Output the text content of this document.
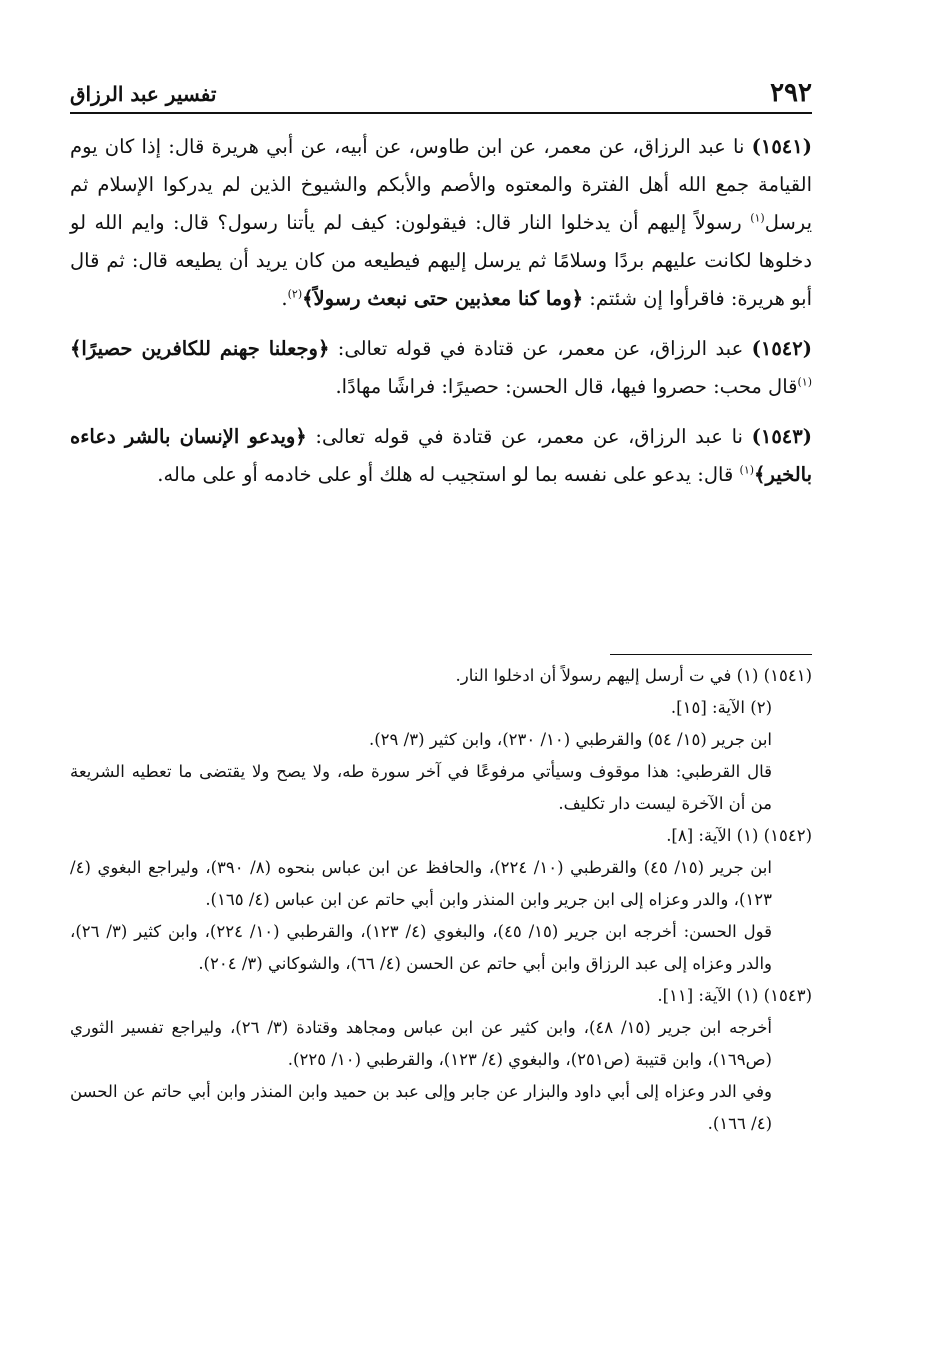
٢٩٢
تفسير عبد الرزاق

(١٥٤١) نا عبد الرزاق، عن معمر، عن ابن طاوس، عن أبيه، عن أبي هريرة قال: إذا كان يوم القيامة جمع الله أهل الفترة والمعتوه والأصم والأبكم والشيوخ الذين لم يدركوا الإسلام ثم يرسل$^{(١)}$ رسولاً إليهم أن يدخلوا النار قال: فيقولون: كيف لم يأتنا رسول؟ قال: وايم الله لو دخلوها لكانت عليهم بردًا وسلامًا ثم يرسل إليهم فيطيعه من كان يريد أن يطيعه قال: ثم قال أبو هريرة: فاقرأوا إن شئتم: ﴿وما كنا معذبين حتى نبعث رسولاً﴾$^{(٢)}$.

(١٥٤٢) عبد الرزاق، عن معمر، عن قتادة في قوله تعالى: ﴿وجعلنا جهنم للكافرين حصيرًا﴾$^{(١)}$قال محب: حصروا فيها، قال الحسن: حصيرًا: فراشًا مهادًا.

(١٥٤٣) نا عبد الرزاق، عن معمر، عن قتادة في قوله تعالى: ﴿ويدعو الإنسان بالشر دعاءه بالخير﴾$^{(١)}$ قال: يدعو على نفسه بما لو استجيب له هلك أو على خادمه أو على ماله.

(١٥٤١) (١) في ت أرسل إليهم رسولاً أن ادخلوا النار.

(٢) الآية: [١٥].

ابن جرير (١٥/ ٥٤) والقرطبي (١٠/ ٢٣٠)، وابن كثير (٣/ ٢٩).

قال القرطبي: هذا موقوف وسيأتي مرفوعًا في آخر سورة طه، ولا يصح ولا يقتضى ما تعطيه الشريعة من أن الآخرة ليست دار تكليف.

(١٥٤٢) (١) الآية: [٨].

ابن جرير (١٥/ ٤٥) والقرطبي (١٠/ ٢٢٤)، والحافظ عن ابن عباس بنحوه (٨/ ٣٩٠)، وليراجع البغوي (٤/ ١٢٣)، والدر وعزاه إلى ابن جرير وابن المنذر وابن أبي حاتم عن ابن عباس (٤/ ١٦٥).

قول الحسن: أخرجه ابن جرير (١٥/ ٤٥)، والبغوي (٤/ ١٢٣)، والقرطبي (١٠/ ٢٢٤)، وابن كثير (٣/ ٢٦)، والدر وعزاه إلى عبد الرزاق وابن أبي حاتم عن الحسن (٤/ ٦٦)، والشوكاني (٣/ ٢٠٤).

(١٥٤٣) (١) الآية: [١١].

أخرجه ابن جرير (١٥/ ٤٨)، وابن كثير عن ابن عباس ومجاهد وقتادة (٣/ ٢٦)، وليراجع تفسير الثوري (ص١٦٩)، وابن قتيبة (ص٢٥١)، والبغوي (٤/ ١٢٣)، والقرطبي (١٠/ ٢٢٥).

وفي الدر وعزاه إلى أبي داود والبزار عن جابر وإلى عبد بن حميد وابن المنذر وابن أبي حاتم عن الحسن (٤/ ١٦٦).
